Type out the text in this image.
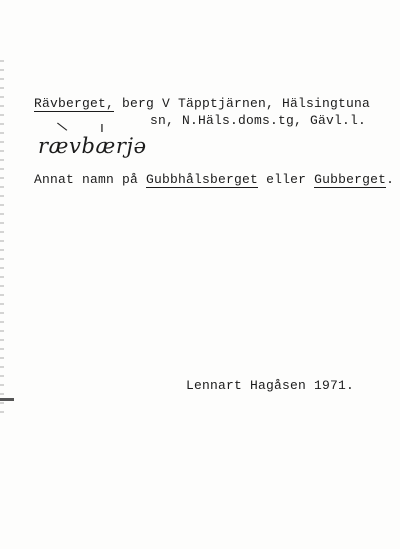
Rävberget, berg V Täpptjärnen, Hälsingtuna
sn, N.Häls.doms.tg, Gävl.l.
\ ı
rævbærjə
Annat namn på Gubbhålsberget eller Gubberget.
Lennart Hagåsen 1971.
